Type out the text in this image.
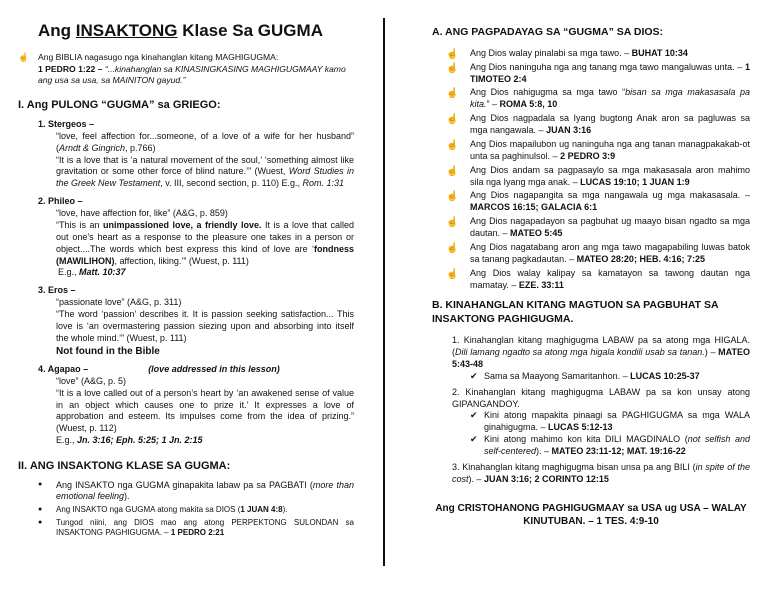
Ang INSAKTONG Klase Sa GUGMA
☝	Ang BIBLIA nagasugo nga kinahanglan kitang MAGHIGUGMA:
1 PEDRO 1:22 – “...kinahanglan sa KINASINGKASING MAGHIGUGMAAY kamo ang usa sa usa, sa MAINITON gayud.”
I. Ang PULONG “GUGMA” sa GRIEGO:
1. Stergeos –
“love, feel affection for...someone, of a love of a wife for her husband” (Arndt & Gingrich, p.766)
“It is a love that is ‘a natural movement of the soul,’ ‘something almost like gravitation or some other force of blind nature.’” (Wuest, Word Studies in the Greek New Testament, v. III, second section, p. 110) E.g., Rom. 1:31
2. Phileo –
“love, have affection for, like” (A&G, p. 859)
“This is an unimpassioned love, a friendly love. It is a love that called out one’s heart as a response to the pleasure one takes in a person or object....The words which best express this kind of love are ‘fondness (MAWILIHON), affection, liking.’” (Wuest, p. 111)
E.g., Matt. 10:37
3. Eros –
“passionate love” (A&G, p. 311)
“The word ‘passion’ describes it. It is passion seeking satisfaction... This love is ‘an overmastering passion siezing upon and absorbing into itself the whole mind.’” (Wuest, p. 111)
Not found in the Bible
4. Agapao –	(love addressed in this lesson)
“love” (A&G, p. 5)
“It is a love called out of a person’s heart by ‘an awakened sense of value in an object which causes one to prize it.’ It expresses a love of approbation and esteem. Its impulses come from the idea of prizing.” (Wuest, p. 112)
E.g., Jn. 3:16; Eph. 5:25; 1 Jn. 2:15
II. ANG INSAKTONG KLASE SA GUGMA:
● Ang INSAKTO nga GUGMA ginapakita labaw pa sa PAGBATI (more than emotional feeling).
● Ang INSAKTO nga GUGMA atong makita sa DIOS (1 JUAN 4:8).
● Tungod niini, ang DIOS mao ang atong PERPEKTONG SULONDAN sa INSAKTONG PAGHIGUGMA. – 1 PEDRO 2:21
A. ANG PAGPADAYAG SA “GUGMA” SA DIOS:
☝ Ang Dios walay pinalabi sa mga tawo. – BUHAT 10:34
☝ Ang Dios naninguha nga ang tanang mga tawo mangaluwas unta. – 1 TIMOTEO 2:4
☝ Ang Dios nahigugma sa mga tawo “bisan sa mga makasasala pa kita.” – ROMA 5:8, 10
☝ Ang Dios nagpadala sa Iyang bugtong Anak aron sa pagluwas sa mga nangawala. – JUAN 3:16
☝ Ang Dios mapailubon ug naninguha nga ang tanan managpakakab-ot unta sa paghinulsol. – 2 PEDRO 3:9
☝ Ang Dios andam sa pagpasaylo sa mga makasasala aron mahimo sila nga Iyang mga anak. – LUCAS 19:10; 1 JUAN 1:9
☝ Ang Dios nagapangita sa mga nangawala ug mga makasasala. – MARCOS 16:15; GALACIA 6:1
☝ Ang Dios nagapadayon sa pagbuhat ug maayo bisan ngadto sa mga dautan. – MATEO 5:45
☝ Ang Dios nagatabang aron ang mga tawo magapabiling luwas batok sa tanang pagkadautan. – MATEO 28:20; HEB. 4:16; 7:25
☝ Ang Dios walay kalipay sa kamatayon sa tawong dautan nga mamatay. – EZE. 33:11
B. KINAHANGLAN KITANG MAGTUON SA PAGBUHAT SA INSAKTONG PAGHIGUGMA.
1. Kinahanglan kitang maghigugma LABAW pa sa atong mga HIGALA. (Dili lamang ngadto sa atong mga higala kondili usab sa tanan.) – MATEO 5:43-48
✔ Sama sa Maayong Samaritanhon. – LUCAS 10:25-37
2. Kinahanglan kitang maghigugma LABAW pa sa kon unsay atong GIPANGANDOY.
✔ Kini atong mapakita pinaagi sa PAGHIGUGMA sa mga WALA ginahigugma. – LUCAS 5:12-13
✔ Kini atong mahimo kon kita DILI MAGDINALO (not selfish and self-centered). – MATEO 23:11-12; MAT. 19:16-22
3. Kinahanglan kitang maghigugma bisan unsa pa ang BILI (in spite of the cost). – JUAN 3:16; 2 CORINTO 12:15
Ang CRISTOHANONG PAGHIGUGMAAY sa USA ug USA – WALAY KINUTUBAN. – 1 TES. 4:9-10
